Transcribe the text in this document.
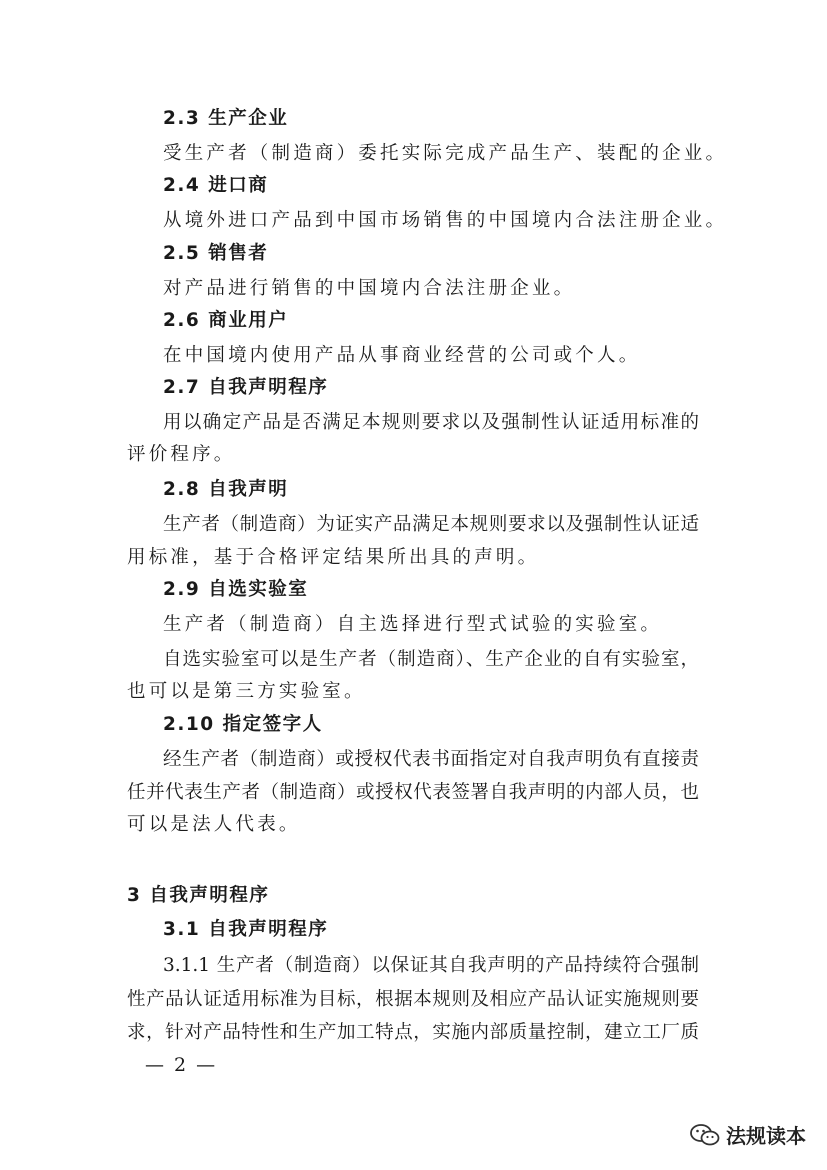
2.3 生产企业
受生产者（制造商）委托实际完成产品生产、装配的企业。
2.4 进口商
从境外进口产品到中国市场销售的中国境内合法注册企业。
2.5 销售者
对产品进行销售的中国境内合法注册企业。
2.6 商业用户
在中国境内使用产品从事商业经营的公司或个人。
2.7 自我声明程序
用以确定产品是否满足本规则要求以及强制性认证适用标准的
评价程序。
2.8 自我声明
生产者（制造商）为证实产品满足本规则要求以及强制性认证适
用标准，基于合格评定结果所出具的声明。
2.9 自选实验室
生产者（制造商）自主选择进行型式试验的实验室。
自选实验室可以是生产者（制造商）、生产企业的自有实验室，
也可以是第三方实验室。
2.10 指定签字人
经生产者（制造商）或授权代表书面指定对自我声明负有直接责
任并代表生产者（制造商）或授权代表签署自我声明的内部人员，也
可以是法人代表。
3 自我声明程序
3.1 自我声明程序
3.1.1 生产者（制造商）以保证其自我声明的产品持续符合强制
性产品认证适用标准为目标，根据本规则及相应产品认证实施规则要
求，针对产品特性和生产加工特点，实施内部质量控制，建立工厂质
— 2 —
法规读本
